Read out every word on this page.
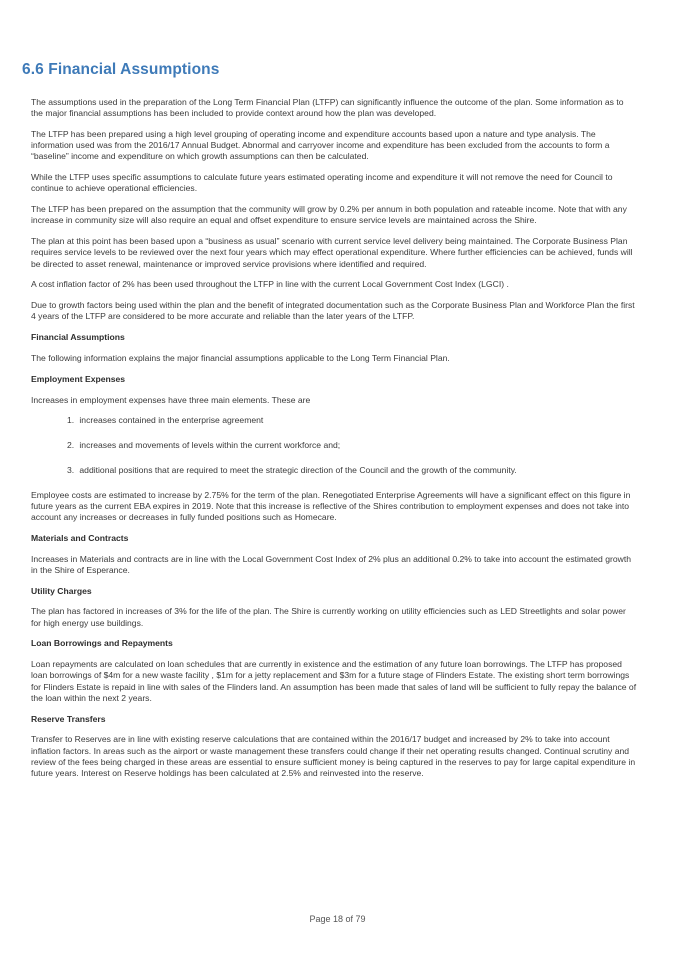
6.6 Financial Assumptions

The assumptions used in the preparation of the Long Term Financial Plan (LTFP) can significantly influence the outcome of the plan. Some information as to the major financial assumptions has been included to provide context around how the plan was developed.

The LTFP has been prepared using a high level grouping of operating income and expenditure accounts based upon a nature and type analysis. The information used was from the 2016/17 Annual Budget. Abnormal and carryover income and expenditure has been excluded from the accounts to form a “baseline” income and expenditure on which growth assumptions can then be calculated.

While the LTFP uses specific assumptions to calculate future years estimated operating income and expenditure it will not remove the need for Council to continue to achieve operational efficiencies.

The LTFP has been prepared on the assumption that the community will grow by 0.2% per annum in both population and rateable income. Note that with any increase in community size will also require an equal and offset expenditure to ensure service levels are maintained across the Shire.

The plan at this point has been based upon a “business as usual” scenario with current service level delivery being maintained. The Corporate Business Plan requires service levels to be reviewed over the next four years which may effect operational expenditure. Where further efficiencies can be achieved, funds will be directed to asset renewal, maintenance or improved service provisions where identified and required.

A cost inflation factor of 2% has been used throughout the LTFP in line with the current Local Government Cost Index (LGCI) .

Due to growth factors being used within the plan and the benefit of integrated documentation such as the Corporate Business Plan and Workforce Plan the first 4 years of the LTFP are considered to be more accurate and reliable than the later years of the LTFP.

Financial Assumptions

The following information explains the major financial assumptions applicable to the Long Term Financial Plan.

Employment Expenses

Increases in employment expenses have three main elements. These are

1. increases contained in the enterprise agreement
2. increases and movements of levels within the current workforce and;
3. additional positions that are required to meet the strategic direction of the Council and the growth of the community.

Employee costs are estimated to increase by 2.75% for the term of the plan. Renegotiated Enterprise Agreements will have a significant effect on this figure in future years as the current EBA expires in 2019. Note that this increase is reflective of the Shires contribution to employment expenses and does not take into account any increases or decreases in fully funded positions such as Homecare.

Materials and Contracts

Increases in Materials and contracts are in line with the Local Government Cost Index of 2% plus an additional 0.2% to take into account the estimated growth in the Shire of Esperance.

Utility Charges

The plan has factored in increases of 3% for the life of the plan. The Shire is currently working on utility efficiencies such as LED Streetlights and solar power for high energy use buildings.

Loan Borrowings and Repayments

Loan repayments are calculated on loan schedules that are currently in existence and the estimation of any future loan borrowings. The LTFP has proposed loan borrowings of $4m for a new waste facility , $1m for a jetty replacement and $3m for a future stage of Flinders Estate. The existing short term borrowings for Flinders Estate is repaid in line with sales of the Flinders land. An assumption has been made that sales of land will be sufficient to fully repay the balance of the loan within the next 2 years.

Reserve Transfers

Transfer to Reserves are in line with existing reserve calculations that are contained within the 2016/17 budget and increased by 2% to take into account inflation factors. In areas such as the airport or waste management these transfers could change if their net operating results changed. Continual scrutiny and review of the fees being charged in these areas are essential to ensure sufficient money is being captured in the reserves to pay for large capital expenditure in future years. Interest on Reserve holdings has been calculated at 2.5% and reinvested into the reserve.

Page 18 of 79
